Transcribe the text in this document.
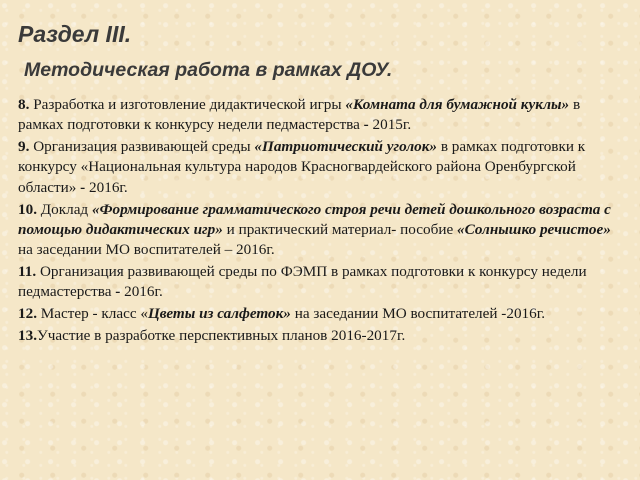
Раздел III.
Методическая работа в рамках ДОУ.
8. Разработка и изготовление дидактической игры «Комната для бумажной куклы» в рамках подготовки к конкурсу недели педмастерства - 2015г.
9. Организация развивающей среды «Патриотический уголок» в рамках подготовки к конкурсу «Национальная культура народов Красногвардейского района Оренбургской области» - 2016г.
10. Доклад «Формирование грамматического строя речи детей дошкольного возраста с помощью дидактических игр» и практический материал- пособие «Солнышко речистое» на заседании МО воспитателей – 2016г.
11. Организация развивающей среды по ФЭМП в рамках подготовки к конкурсу недели педмастерства - 2016г.
12. Мастер - класс «Цветы из салфеток» на заседании МО воспитателей -2016г.
13.Участие в разработке перспективных планов 2016-2017г.
